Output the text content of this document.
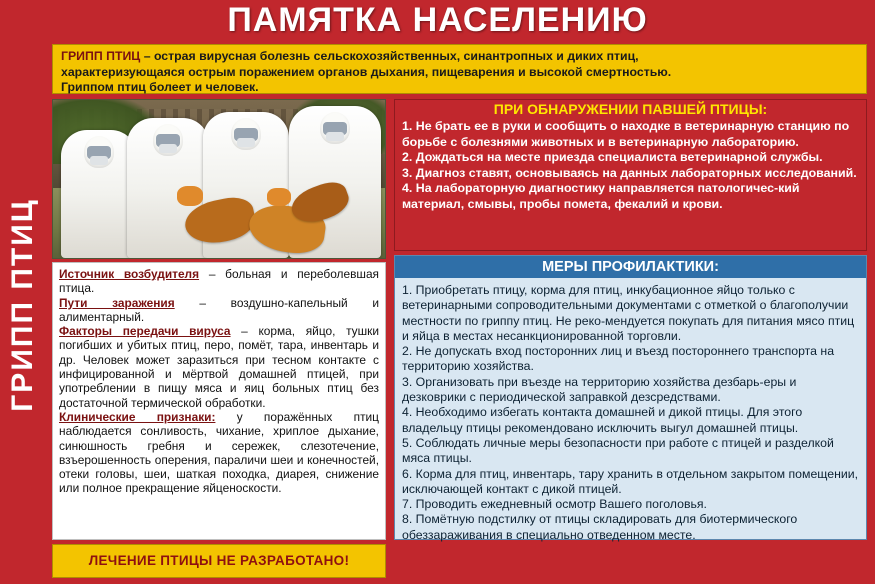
ПАМЯТКА НАСЕЛЕНИЮ
ГРИПП ПТИЦ

ГРИПП ПТИЦ – острая вирусная болезнь сельскохозяйственных, синантропных и диких птиц,

характеризующаяся острым поражением органов дыхания, пищеварения и высокой смертностью.

Гриппом птиц болеет и человек.

ПРИ ОБНАРУЖЕНИИ ПАВШЕЙ ПТИЦЫ:

1. Не брать ее в руки и сообщить о находке в ветеринарную станцию по борьбе с болезнями животных и в ветеринарную лабораторию.

2. Дождаться на месте приезда специалиста ветеринарной службы.

3. Диагноз ставят, основываясь на данных лабораторных исследований.

4. На лабораторную диагностику направляется патологичес-кий материал, смывы, пробы помета, фекалий и крови.

МЕРЫ ПРОФИЛАКТИКИ:

1. Приобретать птицу, корма для птиц, инкубационное яйцо только с ветеринарными сопроводительными документами с отметкой о благополучии местности по гриппу птиц. Не реко-мендуется покупать для питания мясо птиц и яйца в местах несанкционированной торговли.

2. Не допускать вход посторонних лиц и въезд постороннего транспорта на территорию хозяйства.

3. Организовать при въезде на территорию хозяйства дезбарь-еры и дезковрики с периодической заправкой дезсредствами.

4. Необходимо избегать контакта домашней и дикой птицы. Для этого владельцу птицы рекомендовано исключить выгул домашней птицы.

5. Соблюдать личные меры безопасности при работе с птицей и разделкой мяса птицы.

6. Корма для птиц, инвентарь, тару хранить в отдельном закрытом помещении, исключающей контакт с дикой птицей.

7. Проводить ежедневный осмотр Вашего поголовья.

8. Помётную подстилку от птицы складировать для биотермического обеззараживания в специально отведенном месте.

Источник возбудителя – больная и переболевшая птица.

Пути заражения – воздушно-капельный и алиментарный.

Факторы передачи вируса – корма, яйцо, тушки погибших и убитых птиц, перо, помёт, тара, инвентарь и др. Человек может заразиться при тесном контакте с инфицированной и мёртвой домашней птицей, при употреблении в пищу мяса и яиц больных птиц без достаточной термической обработки.

Клинические признаки: у поражённых птиц наблюдается сонливость, чихание, хриплое дыхание, синюшность гребня и сережек, слезотечение, взъерошенность оперения, параличи шеи и конечностей, отеки головы, шеи, шаткая походка, диарея, снижение или полное прекращение яйценоскости.

ЛЕЧЕНИЕ ПТИЦЫ НЕ РАЗРАБОТАНО!
